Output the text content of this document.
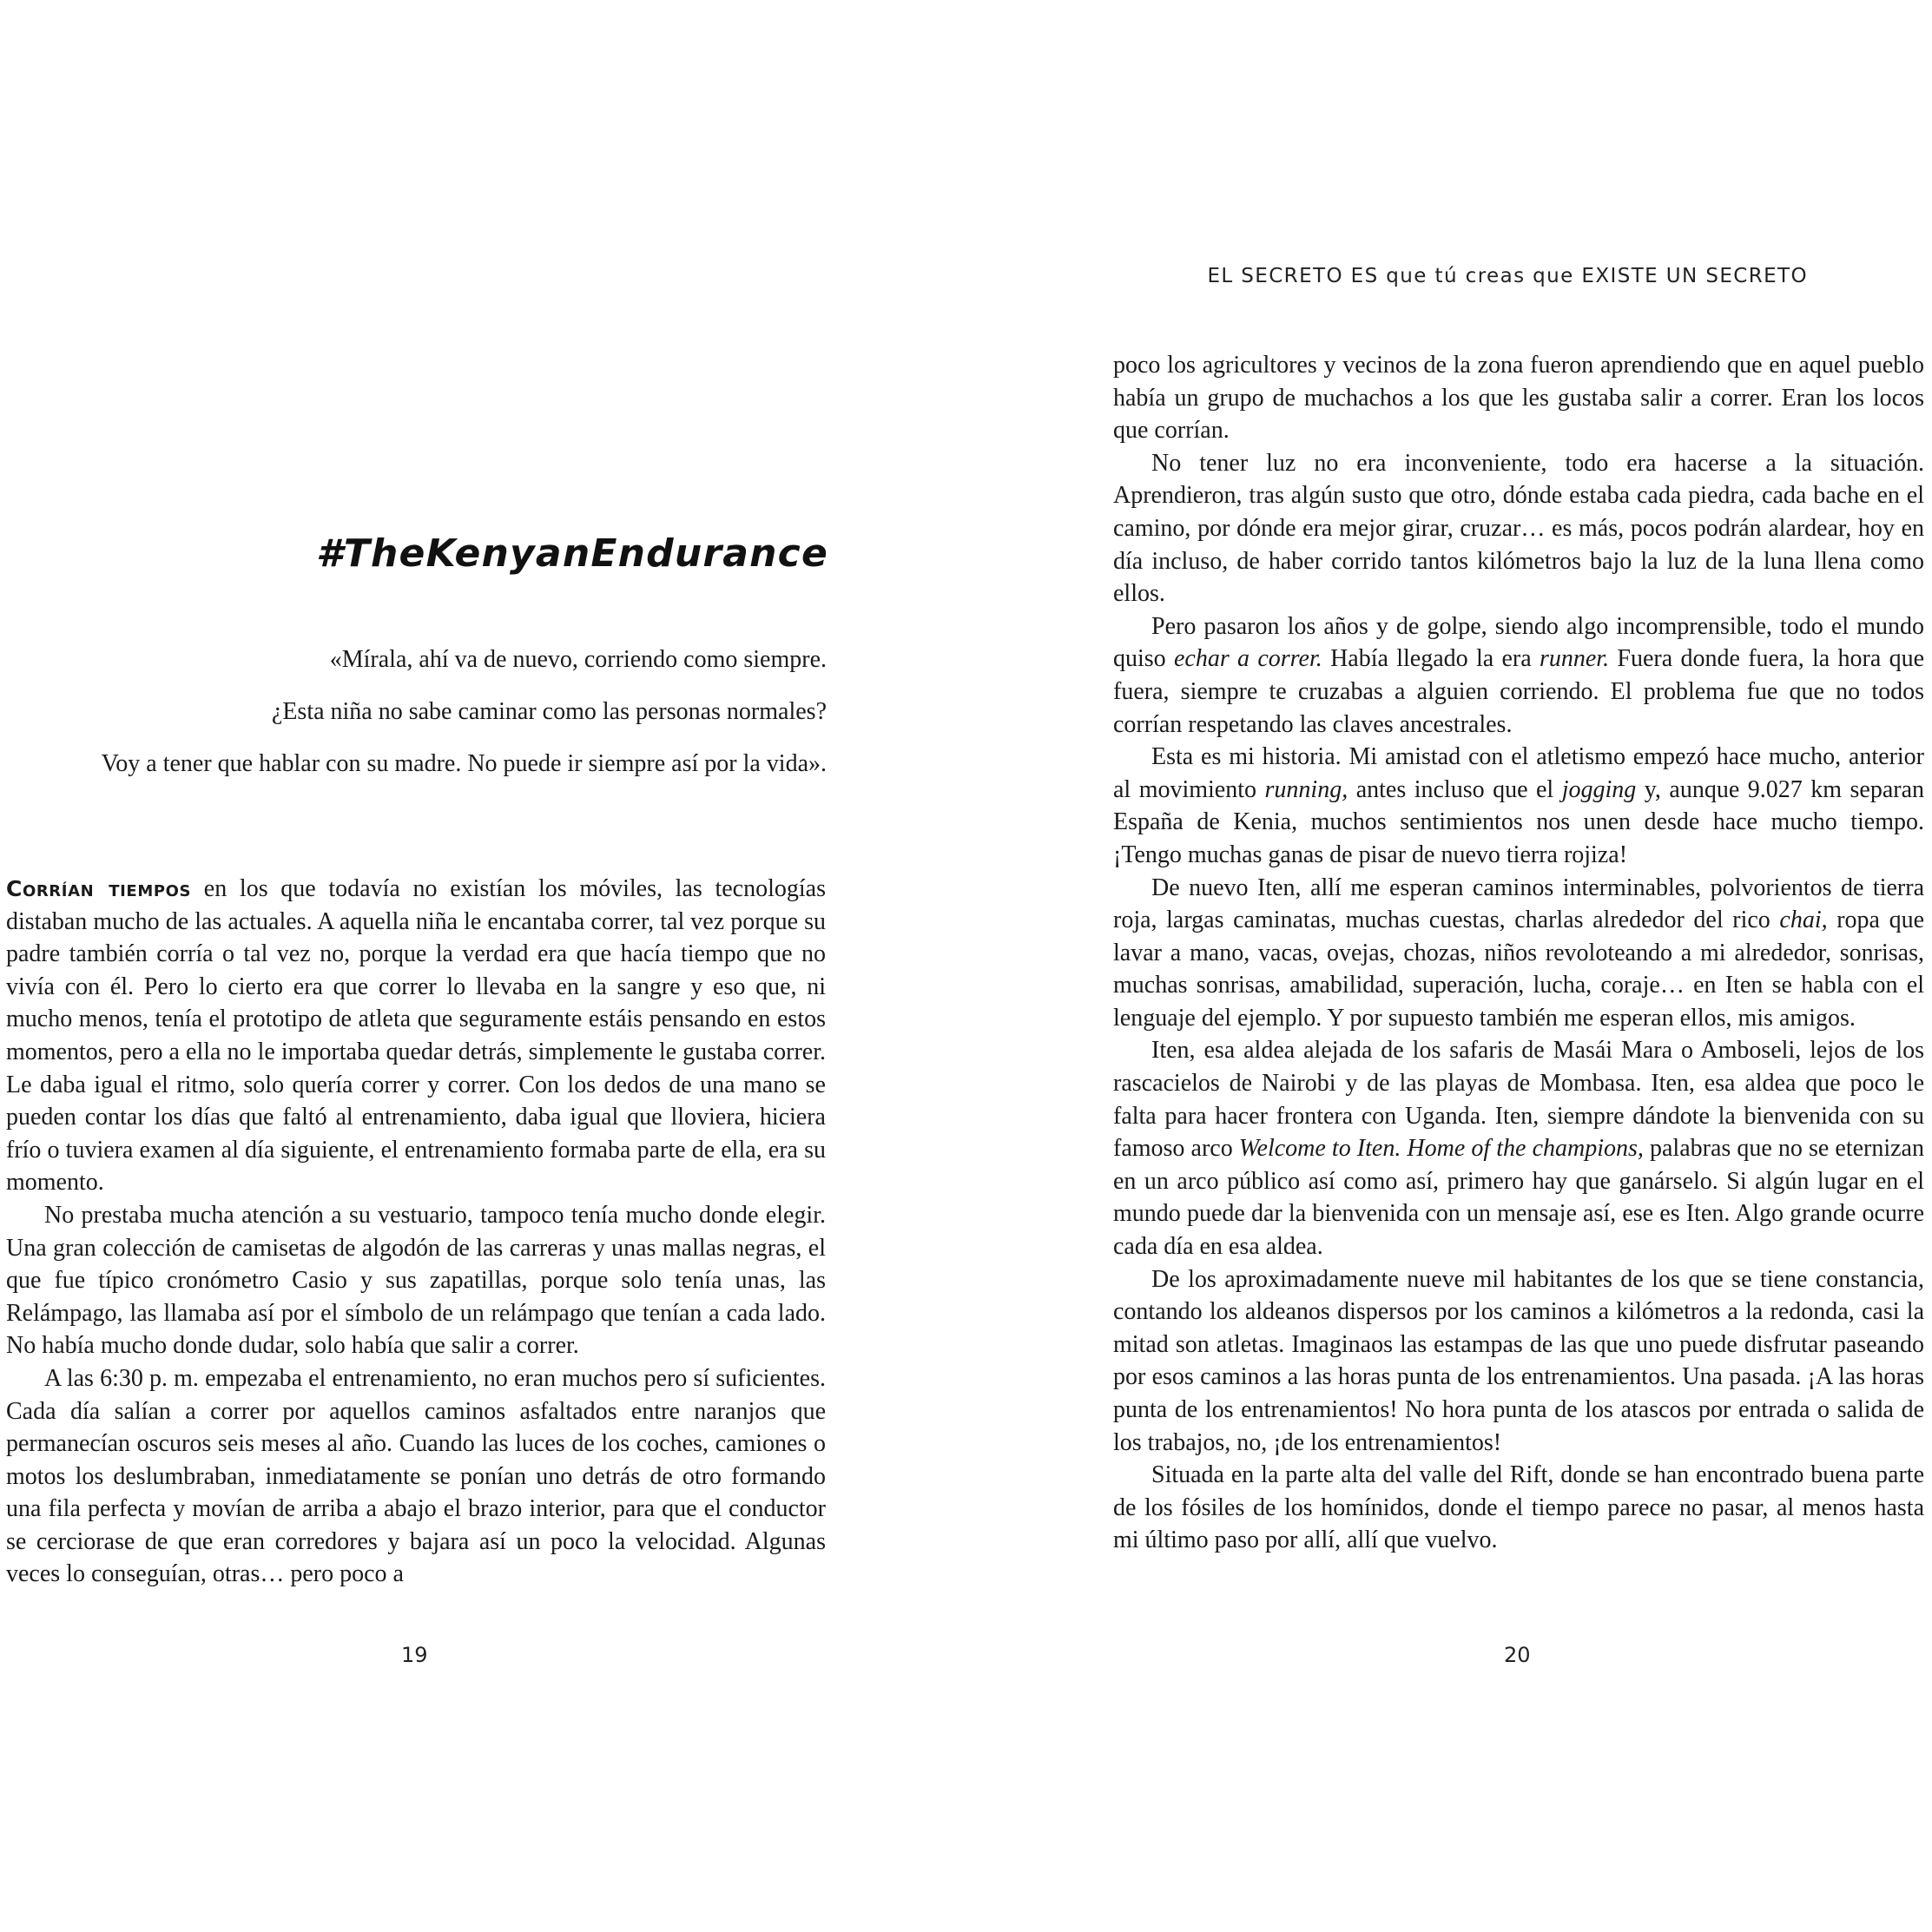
#TheKenyanEndurance

«Mírala, ahí va de nuevo, corriendo como siempre.

¿Esta niña no sabe caminar como las personas normales?

Voy a tener que hablar con su madre. No puede ir siempre así por la vida».

Corrían tiempos en los que todavía no existían los móviles, las tecnologías distaban mucho de las actuales. A aquella niña le encantaba correr, tal vez porque su padre también corría o tal vez no, porque la verdad era que hacía tiempo que no vivía con él. Pero lo cierto era que correr lo llevaba en la sangre y eso que, ni mucho menos, tenía el prototipo de atleta que seguramente estáis pensando en estos momentos, pero a ella no le importaba quedar detrás, simplemente le gustaba correr. Le daba igual el ritmo, solo quería correr y correr. Con los dedos de una mano se pueden contar los días que faltó al entrenamiento, daba igual que lloviera, hiciera frío o tuviera examen al día siguiente, el entrenamiento formaba parte de ella, era su momento.

No prestaba mucha atención a su vestuario, tampoco tenía mucho donde elegir. Una gran colección de camisetas de algodón de las carreras y unas mallas negras, el que fue típico cronómetro Casio y sus zapatillas, porque solo tenía unas, las Relámpago, las llamaba así por el símbolo de un relámpago que tenían a cada lado. No había mucho donde dudar, solo había que salir a correr.

A las 6:30 p. m. empezaba el entrenamiento, no eran muchos pero sí suficientes. Cada día salían a correr por aquellos caminos asfaltados entre naranjos que permanecían oscuros seis meses al año. Cuando las luces de los coches, camiones o motos los deslumbraban, inmediatamente se ponían uno detrás de otro formando una fila perfecta y movían de arriba a abajo el brazo interior, para que el conductor se cerciorase de que eran corredores y bajara así un poco la velocidad. Algunas veces lo conseguían, otras… pero poco a

19
EL SECRETO ES que tú creas que EXISTE UN SECRETO

poco los agricultores y vecinos de la zona fueron aprendiendo que en aquel pueblo había un grupo de muchachos a los que les gustaba salir a correr. Eran los locos que corrían.

No tener luz no era inconveniente, todo era hacerse a la situación. Aprendieron, tras algún susto que otro, dónde estaba cada piedra, cada bache en el camino, por dónde era mejor girar, cruzar… es más, pocos podrán alardear, hoy en día incluso, de haber corrido tantos kilómetros bajo la luz de la luna llena como ellos.

Pero pasaron los años y de golpe, siendo algo incomprensible, todo el mundo quiso echar a correr. Había llegado la era runner. Fuera donde fuera, la hora que fuera, siempre te cruzabas a alguien corriendo. El problema fue que no todos corrían respetando las claves ancestrales.

Esta es mi historia. Mi amistad con el atletismo empezó hace mucho, anterior al movimiento running, antes incluso que el jogging y, aunque 9.027 km separan España de Kenia, muchos sentimientos nos unen desde hace mucho tiempo. ¡Tengo muchas ganas de pisar de nuevo tierra rojiza!

De nuevo Iten, allí me esperan caminos interminables, polvorientos de tierra roja, largas caminatas, muchas cuestas, charlas alrededor del rico chai, ropa que lavar a mano, vacas, ovejas, chozas, niños revoloteando a mi alrededor, sonrisas, muchas sonrisas, amabilidad, superación, lucha, coraje… en Iten se habla con el lenguaje del ejemplo. Y por supuesto también me esperan ellos, mis amigos.

Iten, esa aldea alejada de los safaris de Masái Mara o Amboseli, lejos de los rascacielos de Nairobi y de las playas de Mombasa. Iten, esa aldea que poco le falta para hacer frontera con Uganda. Iten, siempre dándote la bienvenida con su famoso arco Welcome to Iten. Home of the champions, palabras que no se eternizan en un arco público así como así, primero hay que ganárselo. Si algún lugar en el mundo puede dar la bienvenida con un mensaje así, ese es Iten. Algo grande ocurre cada día en esa aldea.

De los aproximadamente nueve mil habitantes de los que se tiene constancia, contando los aldeanos dispersos por los caminos a kilómetros a la redonda, casi la mitad son atletas. Imaginaos las estampas de las que uno puede disfrutar paseando por esos caminos a las horas punta de los entrenamientos. Una pasada. ¡A las horas punta de los entrenamientos! No hora punta de los atascos por entrada o salida de los trabajos, no, ¡de los entrenamientos!

Situada en la parte alta del valle del Rift, donde se han encontrado buena parte de los fósiles de los homínidos, donde el tiempo parece no pasar, al menos hasta mi último paso por allí, allí que vuelvo.

20
